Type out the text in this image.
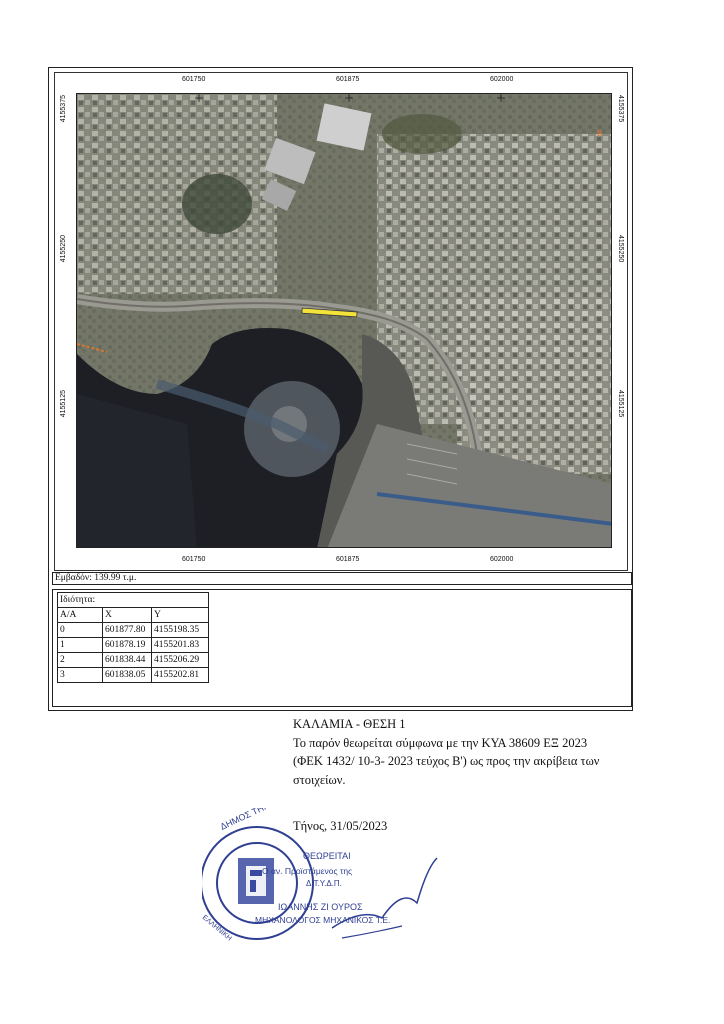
601750	601875	602000
601750	601875	602000
4155375
4155250
4155125
4155375
4155250
4155125
B
Εμβαδόν: 139.99 τ.μ.
Ιδιότητα:		
Α/Α	X	Y
0	601877.80	4155198.35
1	601878.19	4155201.83
2	601838.44	4155206.29
3	601838.05	4155202.81
ΚΑΛΑΜΙΑ - ΘΕΣΗ 1
Το παρόν θεωρείται σύμφωνα με την ΚΥΑ 38609 ΕΞ 2023
(ΦΕΚ 1432/ 10-3- 2023 τεύχος Β') ως προς την ακρίβεια των
στοιχείων.
Τήνος, 31/05/2023
ΔΗΜΟΣ ΤΗΝΟΥ
ΕΛΛΗΝΙΚΗ
ΘΕΩΡΕΙΤΑΙ
Ο αν. Προϊστάμενος της
Δ.Τ.Υ.Δ.Π.
ΙΩΑΝΝΗΣ ΖΙ ΟΥΡΟΣ
ΜΗΧΑΝΟΛΟΓΟΣ ΜΗΧΑΝΙΚΟΣ Τ.Ε.
